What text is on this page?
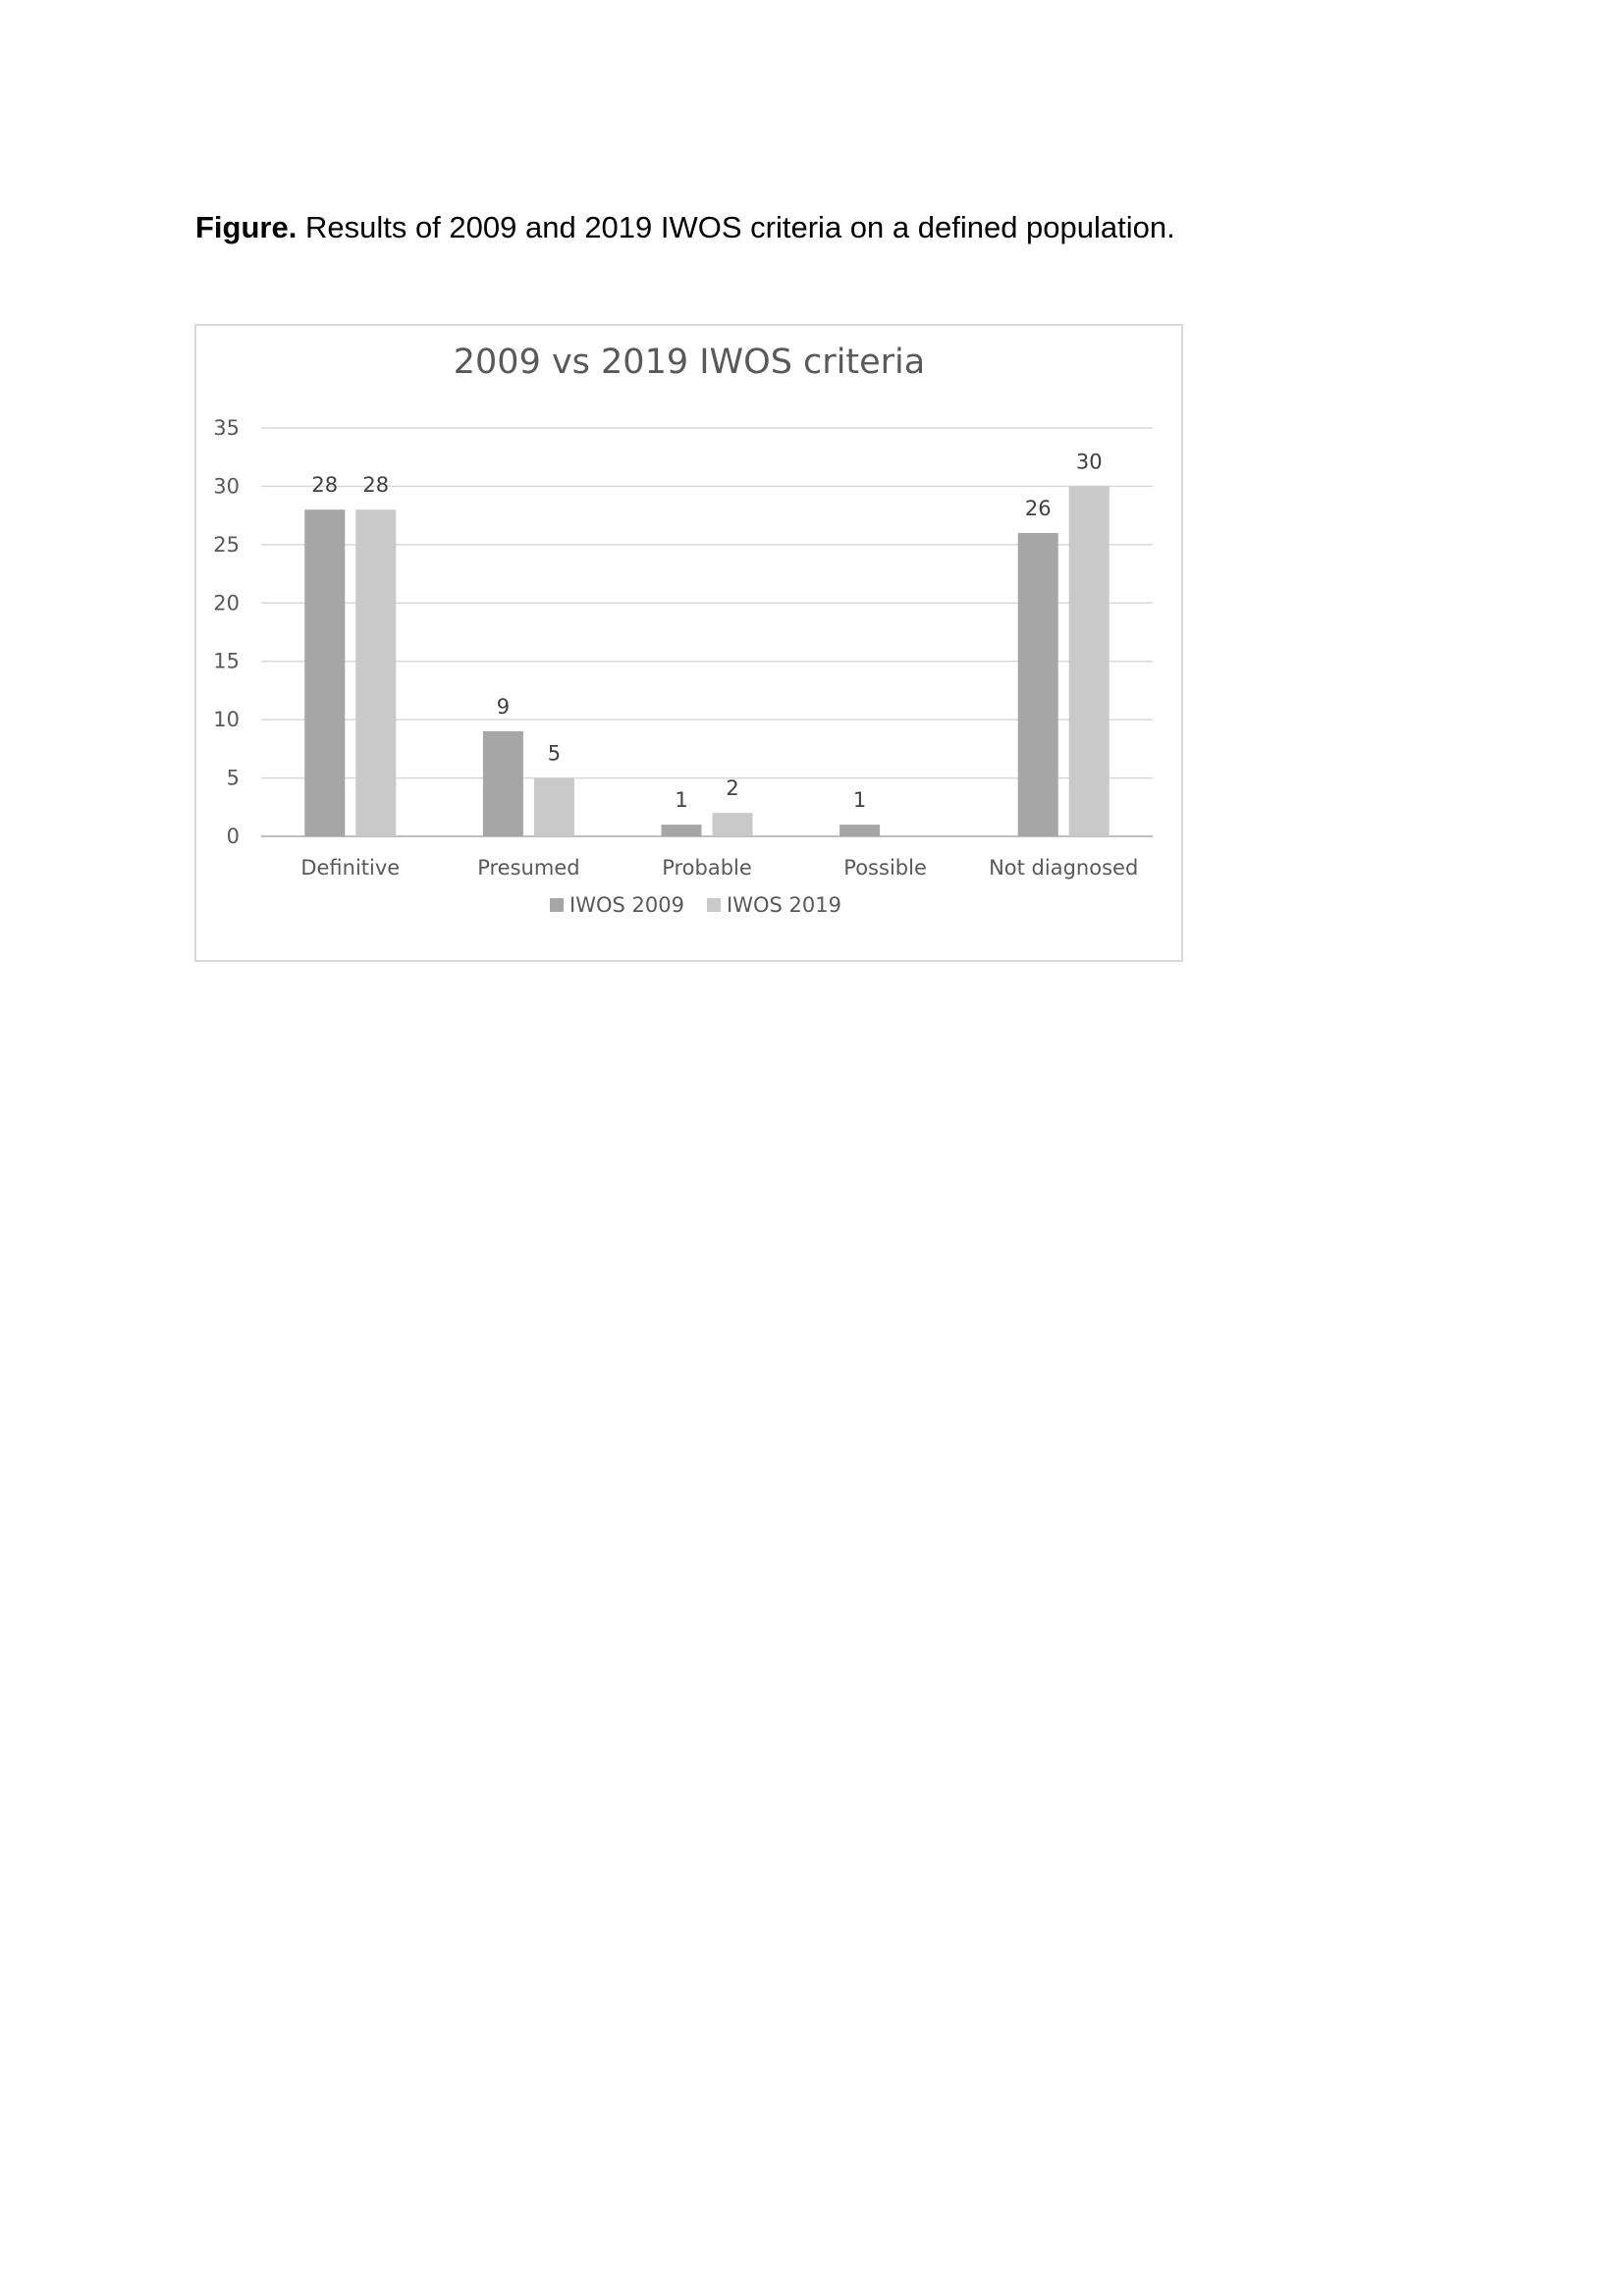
Figure. Results of 2009 and 2019 IWOS criteria on a defined population.
2009 vs 2019 IWOS criteria
0
5
10
15
20
25
30
35
28 28
9
5
1 2	1
26
30
Definitive	Presumed	Probable	Possible	Not diagnosed
IWOS 2009 IWOS 2019
